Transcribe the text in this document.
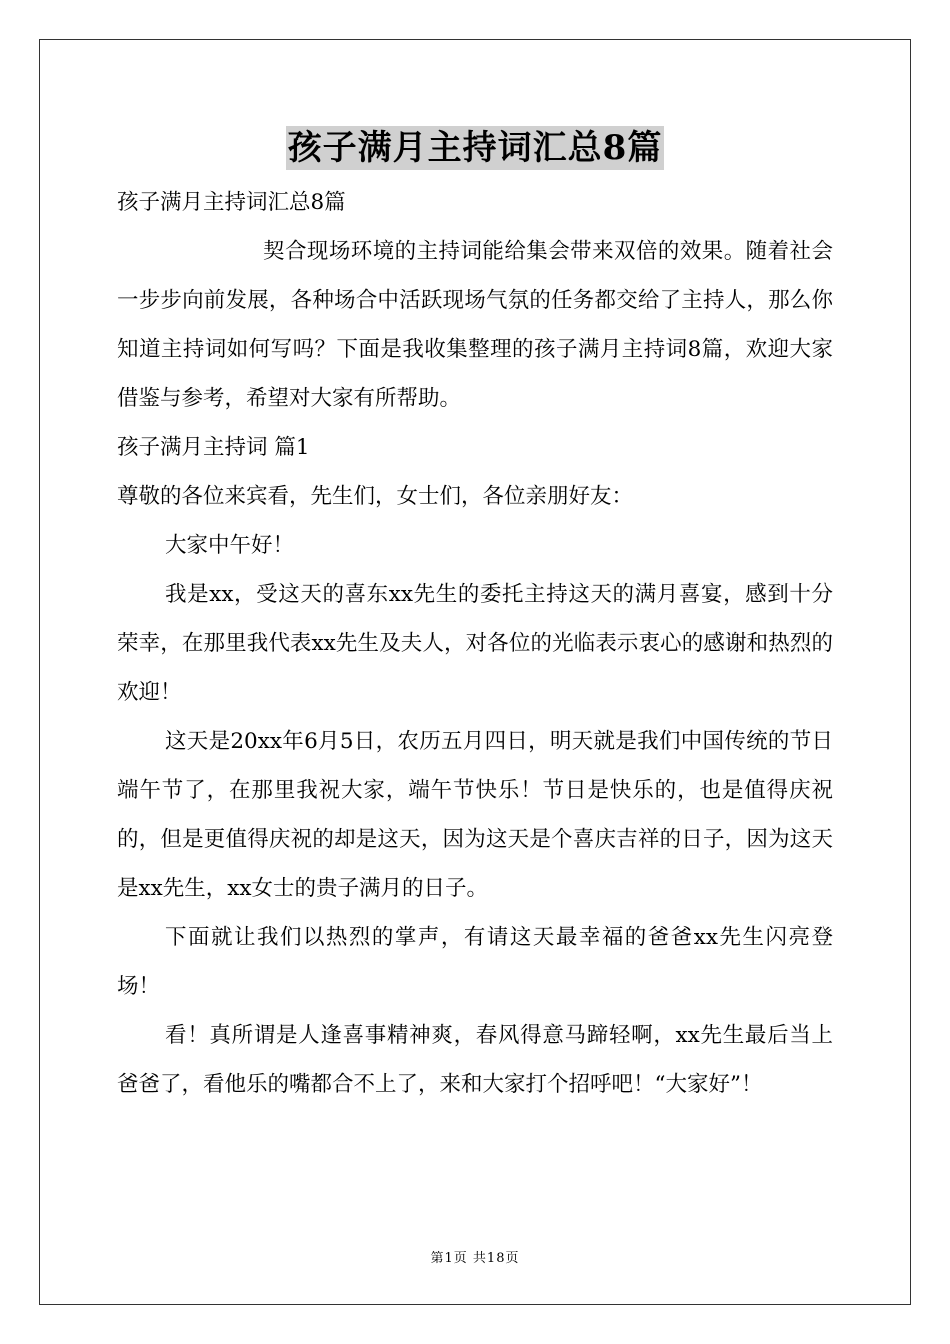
孩子满月主持词汇总8篇
孩子满月主持词汇总8篇
契合现场环境的主持词能给集会带来双倍的效果。随着社会一步步向前发展，各种场合中活跃现场气氛的任务都交给了主持人，那么你知道主持词如何写吗？下面是我收集整理的孩子满月主持词8篇，欢迎大家借鉴与参考，希望对大家有所帮助。
孩子满月主持词 篇1
尊敬的各位来宾看，先生们，女士们，各位亲朋好友：
大家中午好！
我是xx，受这天的喜东xx先生的委托主持这天的满月喜宴，感到十分荣幸，在那里我代表xx先生及夫人，对各位的光临表示衷心的感谢和热烈的欢迎！
这天是20xx年6月5日，农历五月四日，明天就是我们中国传统的节日端午节了，在那里我祝大家，端午节快乐！节日是快乐的，也是值得庆祝的，但是更值得庆祝的却是这天，因为这天是个喜庆吉祥的日子，因为这天是xx先生，xx女士的贵子满月的日子。
下面就让我们以热烈的掌声，有请这天最幸福的爸爸xx先生闪亮登场！
看！真所谓是人逢喜事精神爽，春风得意马蹄轻啊，xx先生最后当上爸爸了，看他乐的嘴都合不上了，来和大家打个招呼吧！“大家好”！
第1页 共18页
